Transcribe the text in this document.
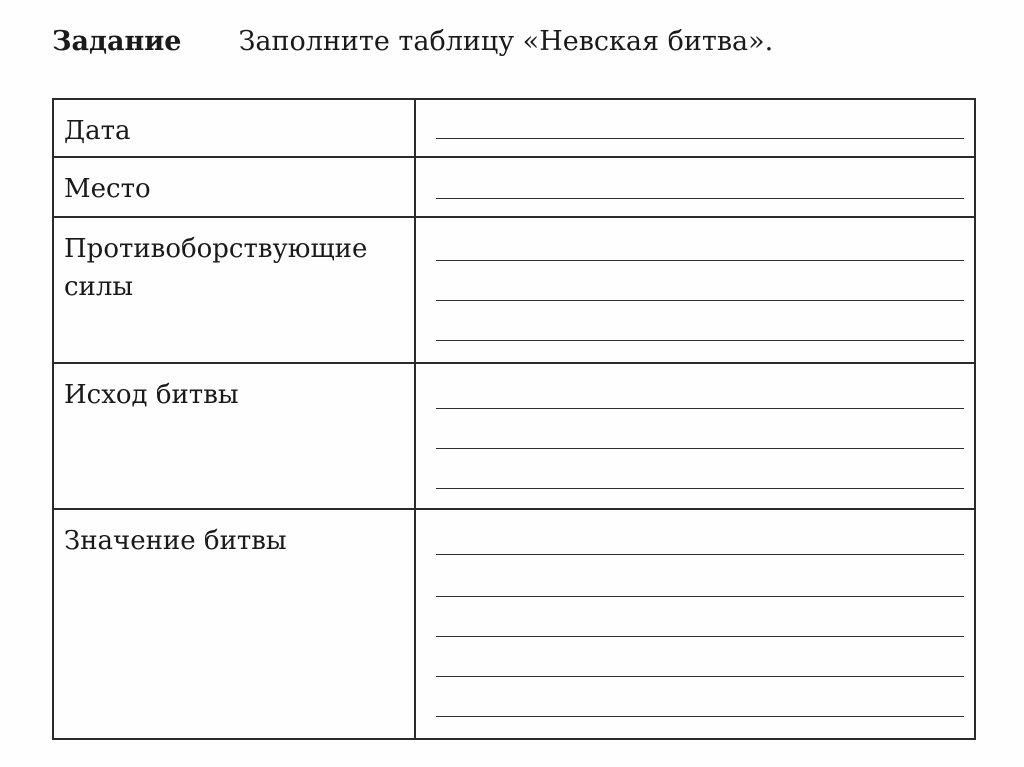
Задание Заполните таблицу «Невская битва».
Дата	

Место	

Противоборствующие силы	

Исход битвы	

Значение битвы	
